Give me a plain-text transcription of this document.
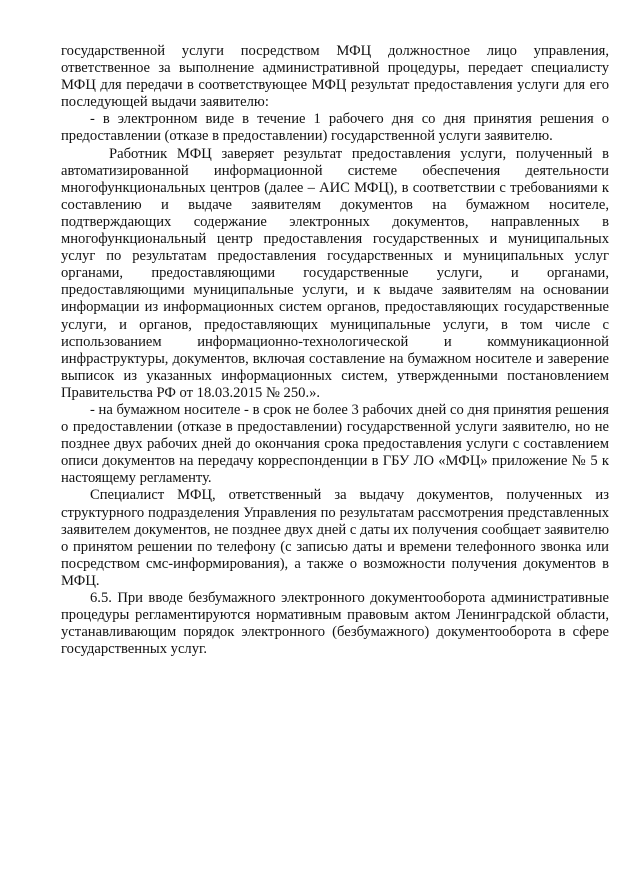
государственной услуги посредством МФЦ должностное лицо управления, ответственное за выполнение административной процедуры, передает специалисту МФЦ для передачи в соответствующее МФЦ результат предоставления услуги для его последующей выдачи заявителю:

- в электронном виде в течение 1 рабочего дня со дня принятия решения о предоставлении (отказе в предоставлении) государственной услуги заявителю.

Работник МФЦ заверяет результат предоставления услуги, полученный в автоматизированной информационной системе обеспечения деятельности многофункциональных центров (далее – АИС МФЦ), в соответствии с требованиями к составлению и выдаче заявителям документов на бумажном носителе, подтверждающих содержание электронных документов, направленных в многофункциональный центр предоставления государственных и муниципальных услуг по результатам предоставления государственных и муниципальных услуг органами, предоставляющими государственные услуги, и органами, предоставляющими муниципальные услуги, и к выдаче заявителям на основании информации из информационных систем органов, предоставляющих государственные услуги, и органов, предоставляющих муниципальные услуги, в том числе с использованием информационно-технологической и коммуникационной инфраструктуры, документов, включая составление на бумажном носителе и заверение выписок из указанных информационных систем, утвержденными постановлением Правительства РФ от 18.03.2015 № 250.».

- на бумажном носителе - в срок не более 3 рабочих дней со дня принятия решения о предоставлении (отказе в предоставлении) государственной услуги заявителю, но не позднее двух рабочих дней до окончания срока предоставления услуги с составлением описи документов на передачу корреспонденции в ГБУ ЛО «МФЦ» приложение № 5 к настоящему регламенту.

Специалист МФЦ, ответственный за выдачу документов, полученных из структурного подразделения Управления по результатам рассмотрения представленных заявителем документов, не позднее двух дней с даты их получения сообщает заявителю о принятом решении по телефону (с записью даты и времени телефонного звонка или посредством смс-информирования), а также о возможности получения документов в МФЦ.

6.5. При вводе безбумажного электронного документооборота административные процедуры регламентируются нормативным правовым актом Ленинградской области, устанавливающим порядок электронного (безбумажного) документооборота в сфере государственных услуг.
